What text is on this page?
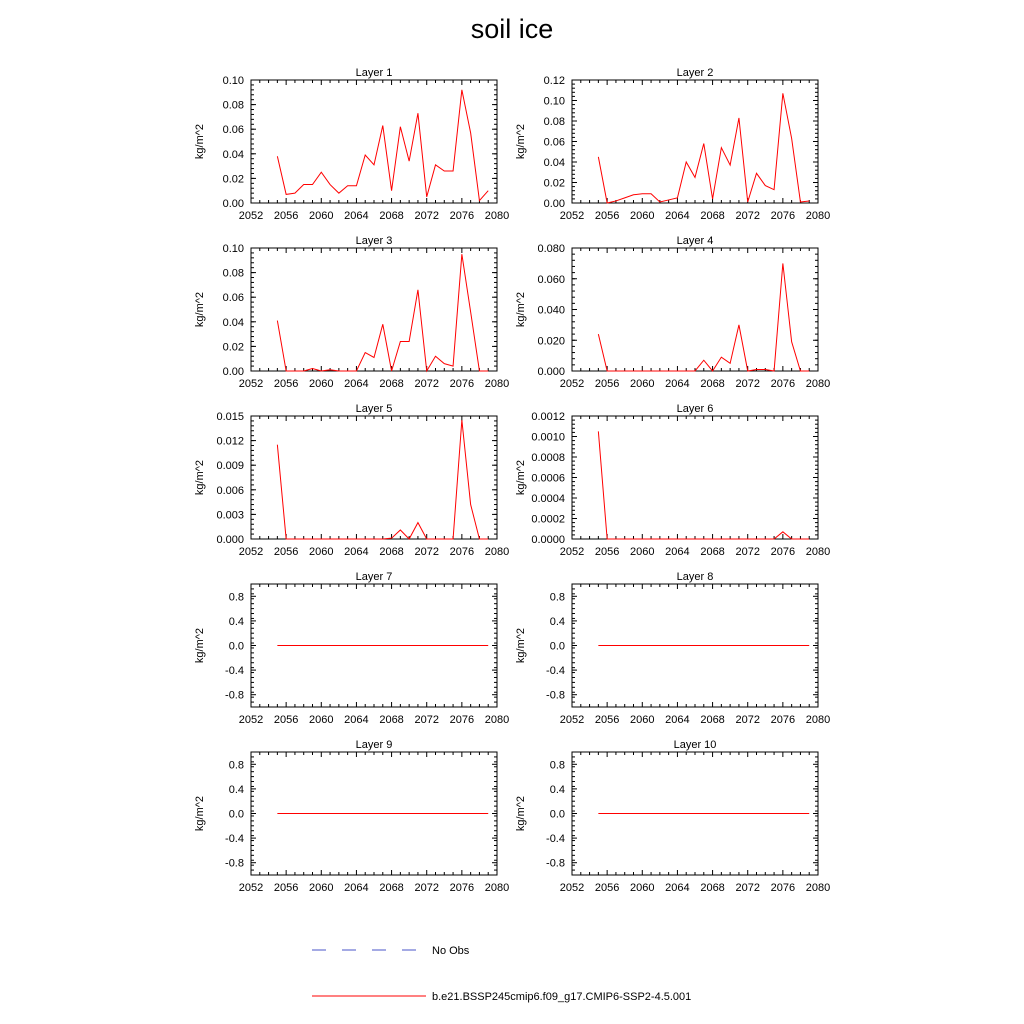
soil ice
Layer 1
kg/m^2
2052 2056 2060 2064 2068 2072 2076 2080
0.00
0.02
0.04
0.06
0.08
0.10
Layer 2
kg/m^2
2052 2056 2060 2064 2068 2072 2076 2080
0.00
0.02
0.04
0.06
0.08
0.10
0.12
Layer 3
kg/m^2
2052 2056 2060 2064 2068 2072 2076 2080
0.00
0.02
0.04
0.06
0.08
0.10
Layer 4
kg/m^2
2052 2056 2060 2064 2068 2072 2076 2080
0.000
0.020
0.040
0.060
0.080
Layer 5
kg/m^2
2052 2056 2060 2064 2068 2072 2076 2080
0.000
0.003
0.006
0.009
0.012
0.015
Layer 6
kg/m^2
2052 2056 2060 2064 2068 2072 2076 2080
0.0000
0.0002
0.0004
0.0006
0.0008
0.0010
0.0012
Layer 7
kg/m^2
2052 2056 2060 2064 2068 2072 2076 2080
-0.8
-0.4
0.0
0.4
0.8
Layer 8
kg/m^2
2052 2056 2060 2064 2068 2072 2076 2080
-0.8
-0.4
0.0
0.4
0.8
Layer 9
kg/m^2
2052 2056 2060 2064 2068 2072 2076 2080
-0.8
-0.4
0.0
0.4
0.8
Layer 10
kg/m^2
2052 2056 2060 2064 2068 2072 2076 2080
-0.8
-0.4
0.0
0.4
0.8
No Obs
b.e21.BSSP245cmip6.f09_g17.CMIP6-SSP2-4.5.001
